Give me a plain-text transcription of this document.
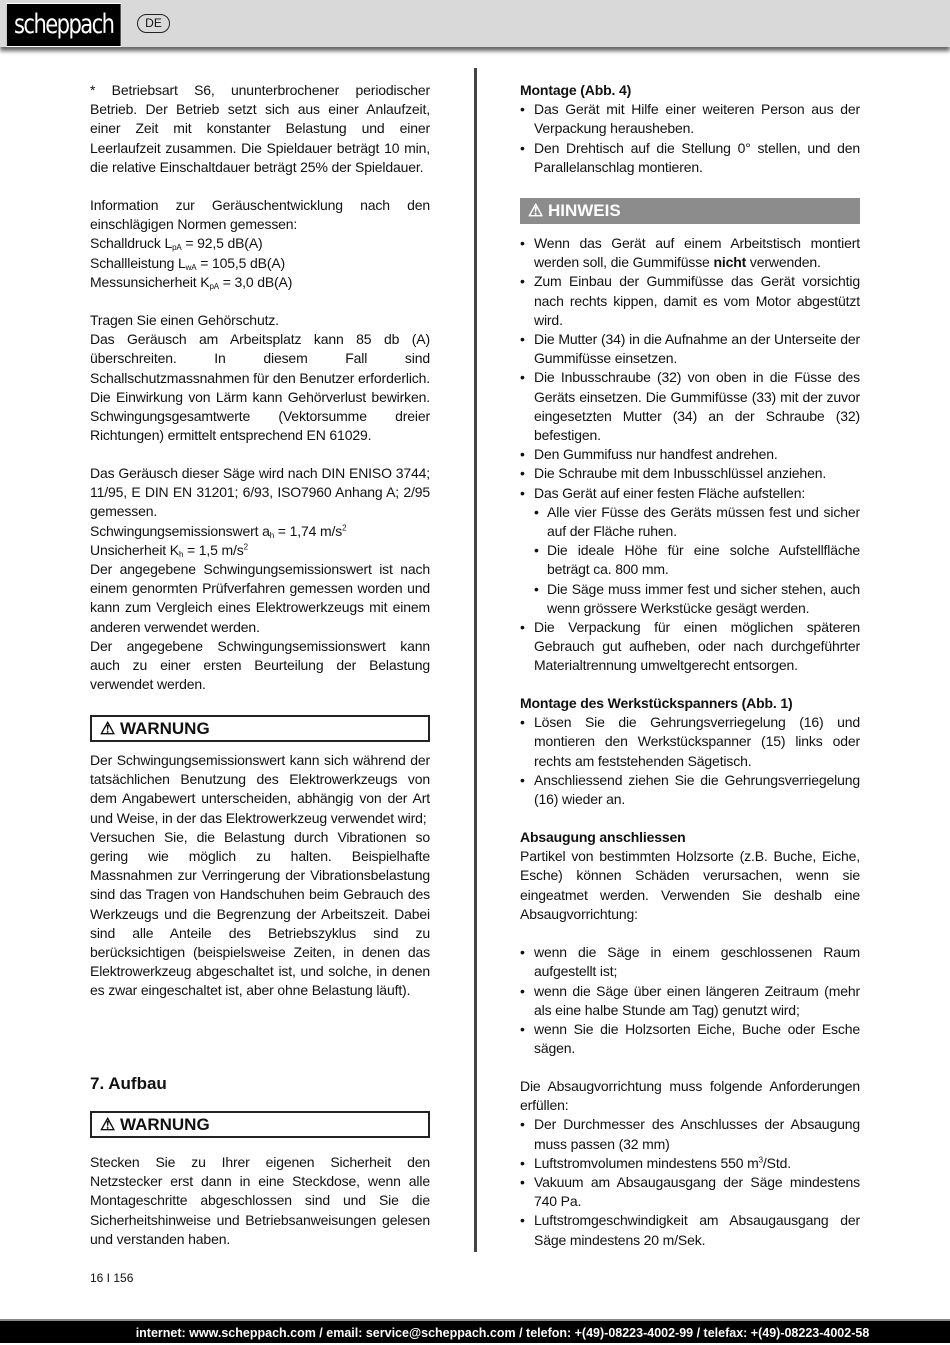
scheppach	DE

* Betriebsart S6, ununterbrochener periodischer Betrieb. Der Betrieb setzt sich aus einer Anlaufzeit, einer Zeit mit konstanter Belastung und einer Leerlaufzeit zusammen. Die Spieldauer beträgt 10 min, die relative Einschaltdauer beträgt 25% der Spieldauer.

Information zur Geräuschentwicklung nach den einschlägigen Normen gemessen:

Schalldruck $L_{pA} = 92,5$ dB(A)

Schallleistung $L_{wA} = 105,5$ dB(A)

Messunsicherheit $K_{pA} = 3,0$ dB(A)

Tragen Sie einen Gehörschutz.

Das Geräusch am Arbeitsplatz kann 85 db (A) überschreiten. In diesem Fall sind Schallschutzmassnahmen für den Benutzer erforderlich. Die Einwirkung von Lärm kann Gehörverlust bewirken. Schwingungsgesamtwerte (Vektorsumme dreier Richtungen) ermittelt entsprechend EN 61029.

Das Geräusch dieser Säge wird nach DIN ENISO 3744; 11/95, E DIN EN 31201; 6/93, ISO7960 Anhang A; 2/95 gemessen.

Schwingungsemissionswert $a_h = 1,74$ $m/s^2$

Unsicherheit $K_h = 1,5$ $m/s^2$

Der angegebene Schwingungsemissionswert ist nach einem genormten Prüfverfahren gemessen worden und kann zum Vergleich eines Elektrowerkzeugs mit einem anderen verwendet werden.

Der angegebene Schwingungsemissionswert kann auch zu einer ersten Beurteilung der Belastung verwendet werden.

⚠ WARNUNG

Der Schwingungsemissionswert kann sich während der tatsächlichen Benutzung des Elektrowerkzeugs von dem Angabewert unterscheiden, abhängig von der Art und Weise, in der das Elektrowerkzeug verwendet wird;

Versuchen Sie, die Belastung durch Vibrationen so gering wie möglich zu halten. Beispielhafte Massnahmen zur Verringerung der Vibrationsbelastung sind das Tragen von Handschuhen beim Gebrauch des Werkzeugs und die Begrenzung der Arbeitszeit. Dabei sind alle Anteile des Betriebszyklus sind zu berücksichtigen (beispielsweise Zeiten, in denen das Elektrowerkzeug abgeschaltet ist, und solche, in denen es zwar eingeschaltet ist, aber ohne Belastung läuft).

7. Aufbau
⚠ WARNUNG

Stecken Sie zu Ihrer eigenen Sicherheit den Netzstecker erst dann in eine Steckdose, wenn alle Montageschritte abgeschlossen sind und Sie die Sicherheitshinweise und Betriebsanweisungen gelesen und verstanden haben.

Montage (Abb. 4)

• Das Gerät mit Hilfe einer weiteren Person aus der Verpackung herausheben.
• Den Drehtisch auf die Stellung 0° stellen, und den Parallelanschlag montieren.
⚠ HINWEIS
• Wenn das Gerät auf einem Arbeitstisch montiert werden soll, die Gummifüsse nicht verwenden.
• Zum Einbau der Gummifüsse das Gerät vorsichtig nach rechts kippen, damit es vom Motor abgestützt wird.
• Die Mutter (34) in die Aufnahme an der Unterseite der Gummifüsse einsetzen.
• Die Inbusschraube (32) von oben in die Füsse des Geräts einsetzen. Die Gummifüsse (33) mit der zuvor eingesetzten Mutter (34) an der Schraube (32) befestigen.
• Den Gummifuss nur handfest andrehen.
• Die Schraube mit dem Inbusschlüssel anziehen.
• Das Gerät auf einer festen Fläche aufstellen:
• Alle vier Füsse des Geräts müssen fest und sicher auf der Fläche ruhen.
• Die ideale Höhe für eine solche Aufstellfläche beträgt ca. 800 mm.
• Die Säge muss immer fest und sicher stehen, auch wenn grössere Werkstücke gesägt werden.
• Die Verpackung für einen möglichen späteren Gebrauch gut aufheben, oder nach durchgeführter Materialtrennung umweltgerecht entsorgen.

Montage des Werkstückspanners (Abb. 1)

• Lösen Sie die Gehrungsverriegelung (16) und montieren den Werkstückspanner (15) links oder rechts am feststehenden Sägetisch.
• Anschliessend ziehen Sie die Gehrungsverriegelung (16) wieder an.

Absaugung anschliessen

Partikel von bestimmten Holzsorte (z.B. Buche, Eiche, Esche) können Schäden verursachen, wenn sie eingeatmet werden. Verwenden Sie deshalb eine Absaugvorrichtung:

• wenn die Säge in einem geschlossenen Raum aufgestellt ist;
• wenn die Säge über einen längeren Zeitraum (mehr als eine halbe Stunde am Tag) genutzt wird;
• wenn Sie die Holzsorten Eiche, Buche oder Esche sägen.

Die Absaugvorrichtung muss folgende Anforderungen erfüllen:

• Der Durchmesser des Anschlusses der Absaugung muss passen (32 mm)
• Luftstromvolumen mindestens 550 $m^3$/Std.
• Vakuum am Absaugausgang der Säge mindestens 740 Pa.
• Luftstromgeschwindigkeit am Absaugausgang der Säge mindestens 20 m/Sek.
16 I 156
internet: www.scheppach.com / email: service@scheppach.com / telefon: +(49)-08223-4002-99 / telefax: +(49)-08223-4002-58
